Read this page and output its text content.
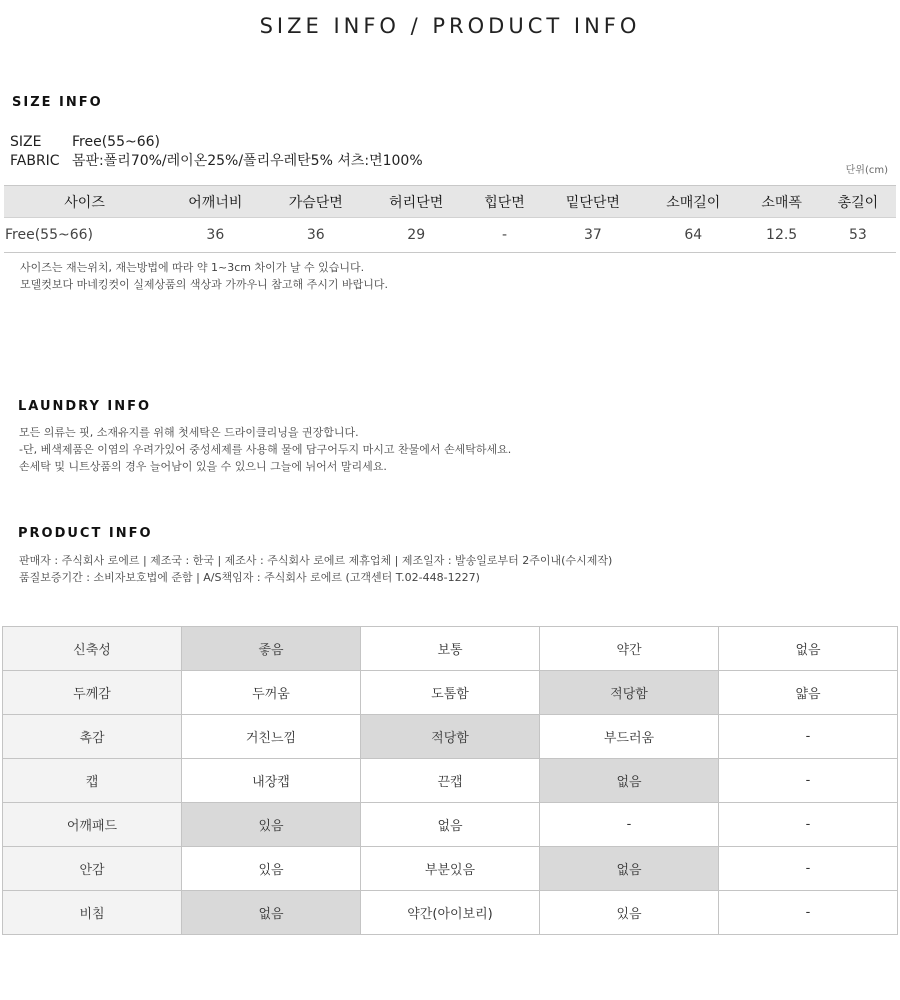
SIZE INFO / PRODUCT INFO
SIZE INFO
SIZE Free(55~66)
FABRIC 몸판:폴리70%/레이온25%/폴리우레탄5% 셔츠:면100%
단위(cm)
사이즈	어깨너비	가슴단면	허리단면	힙단면	밑단단면	소매길이	소매폭	총길이
Free(55~66)	36	36	29	-	37	64	12.5	53
사이즈는 재는위치, 재는방법에 따라 약 1~3cm 차이가 날 수 있습니다.
모델컷보다 마네킹컷이 실제상품의 색상과 가까우니 참고해 주시기 바랍니다.
LAUNDRY INFO
모든 의류는 핏, 소재유지를 위해 첫세탁은 드라이클리닝을 권장합니다.
-단, 베색제품은 이염의 우려가있어 중성세제를 사용해 물에 담구어두지 마시고 찬물에서 손세탁하세요.
손세탁 및 니트상품의 경우 늘어남이 있을 수 있으니 그늘에 뉘어서 말리세요.
PRODUCT INFO
판매자 : 주식회사 로에르 | 제조국 : 한국 | 제조사 : 주식회사 로에르 제휴업체 | 제조일자 : 발송일로부터 2주이내(수시제작)
품질보증기간 : 소비자보호법에 준함 | A/S책임자 : 주식회사 로에르 (고객센터 T.02-448-1227)
신축성	좋음	보통	약간	없음
두께감	두꺼움	도톰함	적당함	얇음
촉감	거친느낌	적당함	부드러움	-
캡	내장캡	끈캡	없음	-
어깨패드	있음	없음	-	-
안감	있음	부분있음	없음	-
비침	없음	약간(아이보리)	있음	-
